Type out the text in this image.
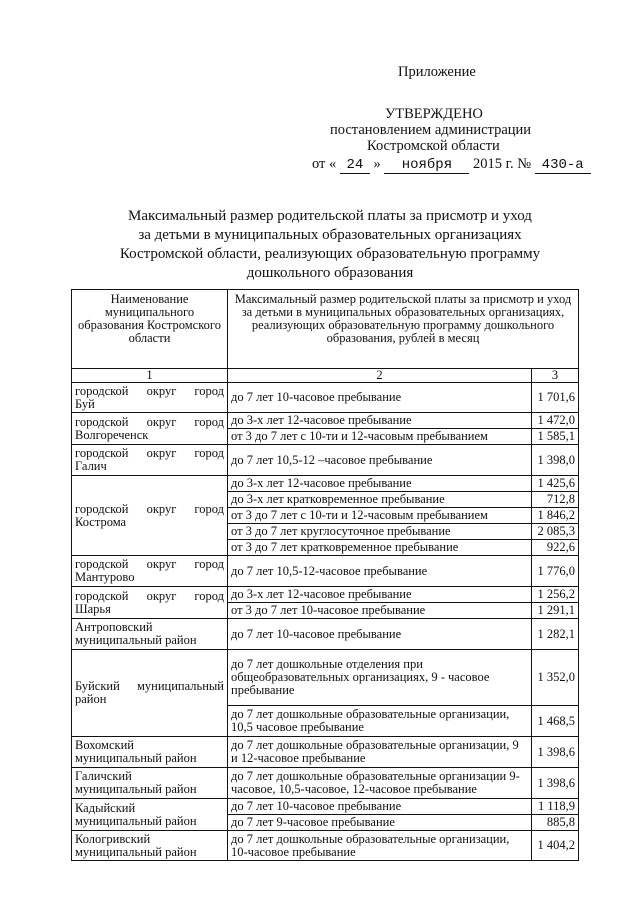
Приложение
УТВЕРЖДЕНО
постановлением администрации
Костромской области
от « 24 » ноября 2015 г. № 430-а
Максимальный размер родительской платы за присмотр и уход
за детьми в муниципальных образовательных организациях
Костромской области, реализующих образовательную программу
дошкольного образования
Наименование муниципального образования Костромского области	Максимальный размер родительской платы за присмотр и уход за детьми в муниципальных образовательных организациях, реализующих образовательную программу дошкольного образования, рублей в месяц	
1	2	3

городской округ город
Буй	до 7 лет 10-часовое пребывание	1 701,6

городской округ город
Волгореченск	до 3-х лет 12-часовое пребывание	1 472,0
	от 3 до 7 лет с 10-ти и 12-часовым пребыванием	1 585,1

городской округ город
Галич	до 7 лет 10,5-12 –часовое пребывание	1 398,0

городской округ город
Кострома	до 3-х лет 12-часовое пребывание	1 425,6
	до 3-х лет кратковременное пребывание	712,8
	от 3 до 7 лет с 10-ти и 12-часовым пребыванием	1 846,2
	от 3 до 7 лет круглосуточное пребывание	2 085,3
	от 3 до 7 лет кратковременное пребывание	922,6

городской округ город
Мантурово	до 7 лет 10,5-12-часовое пребывание	1 776,0

городской округ город
Шарья	до 3-х лет 12-часовое пребывание	1 256,2
	от 3 до 7 лет 10-часовое пребывание	1 291,1

Антроповский
муниципальный район	до 7 лет 10-часовое пребывание	1 282,1

Буйский муниципальный
район	до 7 лет дошкольные отделения при общеобразовательных организациях, 9 - часовое пребывание	1 352,0
	до 7 лет дошкольные образовательные организации, 10,5 часовое пребывание	1 468,5

Вохомский
муниципальный район	до 7 лет дошкольные образовательные организации, 9 и 12-часовое пребывание	1 398,6

Галичский
муниципальный район	до 7 лет дошкольные образовательные организации 9-часовое, 10,5-часовое, 12-часовое пребывание	1 398,6

Кадыйский
муниципальный район	до 7 лет 10-часовое пребывание	1 118,9
	до 7 лет 9-часовое пребывание	885,8

Кологривский
муниципальный район	до 7 лет дошкольные образовательные организации, 10-часовое пребывание	1 404,2
